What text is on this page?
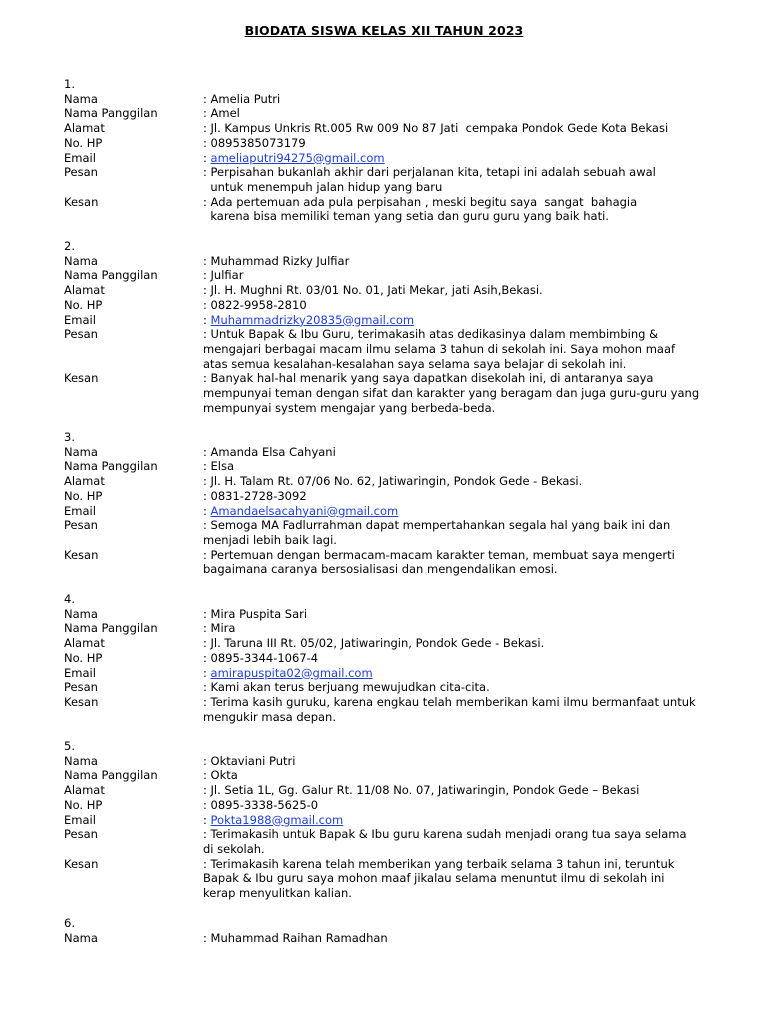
BIODATA SISWA KELAS XII TAHUN 2023
1.
Nama	: Amelia Putri
Nama Panggilan	: Amel
Alamat	: Jl. Kampus Unkris Rt.005 Rw 009 No 87 Jati  cempaka Pondok Gede Kota Bekasi
No. HP	: 0895385073179
Email	: ameliaputri94275@gmail.com
Pesan	: Perpisahan bukanlah akhir dari perjalanan kita, tetapi ini adalah sebuah awal
untuk menempuh jalan hidup yang baru
Kesan	: Ada pertemuan ada pula perpisahan , meski begitu saya  sangat  bahagia
karena bisa memiliki teman yang setia dan guru guru yang baik hati.
2.
Nama	: Muhammad Rizky Julfiar
Nama Panggilan	: Julfiar
Alamat	: Jl. H. Mughni Rt. 03/01 No. 01, Jati Mekar, jati Asih,Bekasi.
No. HP	: 0822-9958-2810
Email	: Muhammadrizky20835@gmail.com
Pesan	: Untuk Bapak & Ibu Guru, terimakasih atas dedikasinya dalam membimbing &
mengajari berbagai macam ilmu selama 3 tahun di sekolah ini. Saya mohon maaf
atas semua kesalahan-kesalahan saya selama saya belajar di sekolah ini.
Kesan	: Banyak hal-hal menarik yang saya dapatkan disekolah ini, di antaranya saya
mempunyai teman dengan sifat dan karakter yang beragam dan juga guru-guru yang
mempunyai system mengajar yang berbeda-beda.
3.
Nama	: Amanda Elsa Cahyani
Nama Panggilan	: Elsa
Alamat	: Jl. H. Talam Rt. 07/06 No. 62, Jatiwaringin, Pondok Gede - Bekasi.
No. HP	: 0831-2728-3092
Email	: Amandaelsacahyani@gmail.com
Pesan	: Semoga MA Fadlurrahman dapat mempertahankan segala hal yang baik ini dan
menjadi lebih baik lagi.
Kesan	: Pertemuan dengan bermacam-macam karakter teman, membuat saya mengerti
bagaimana caranya bersosialisasi dan mengendalikan emosi.
4.
Nama	: Mira Puspita Sari
Nama Panggilan	: Mira
Alamat	: Jl. Taruna III Rt. 05/02, Jatiwaringin, Pondok Gede - Bekasi.
No. HP	: 0895-3344-1067-4
Email	: amirapuspita02@gmail.com
Pesan	: Kami akan terus berjuang mewujudkan cita-cita.
Kesan	: Terima kasih guruku, karena engkau telah memberikan kami ilmu bermanfaat untuk
mengukir masa depan.
5.
Nama	: Oktaviani Putri
Nama Panggilan	: Okta
Alamat	: Jl. Setia 1L, Gg. Galur Rt. 11/08 No. 07, Jatiwaringin, Pondok Gede – Bekasi
No. HP	: 0895-3338-5625-0
Email	: Pokta1988@gmail.com
Pesan	: Terimakasih untuk Bapak & Ibu guru karena sudah menjadi orang tua saya selama
di sekolah.
Kesan	: Terimakasih karena telah memberikan yang terbaik selama 3 tahun ini, teruntuk
Bapak & Ibu guru saya mohon maaf jikalau selama menuntut ilmu di sekolah ini
kerap menyulitkan kalian.
6.
Nama	: Muhammad Raihan Ramadhan
